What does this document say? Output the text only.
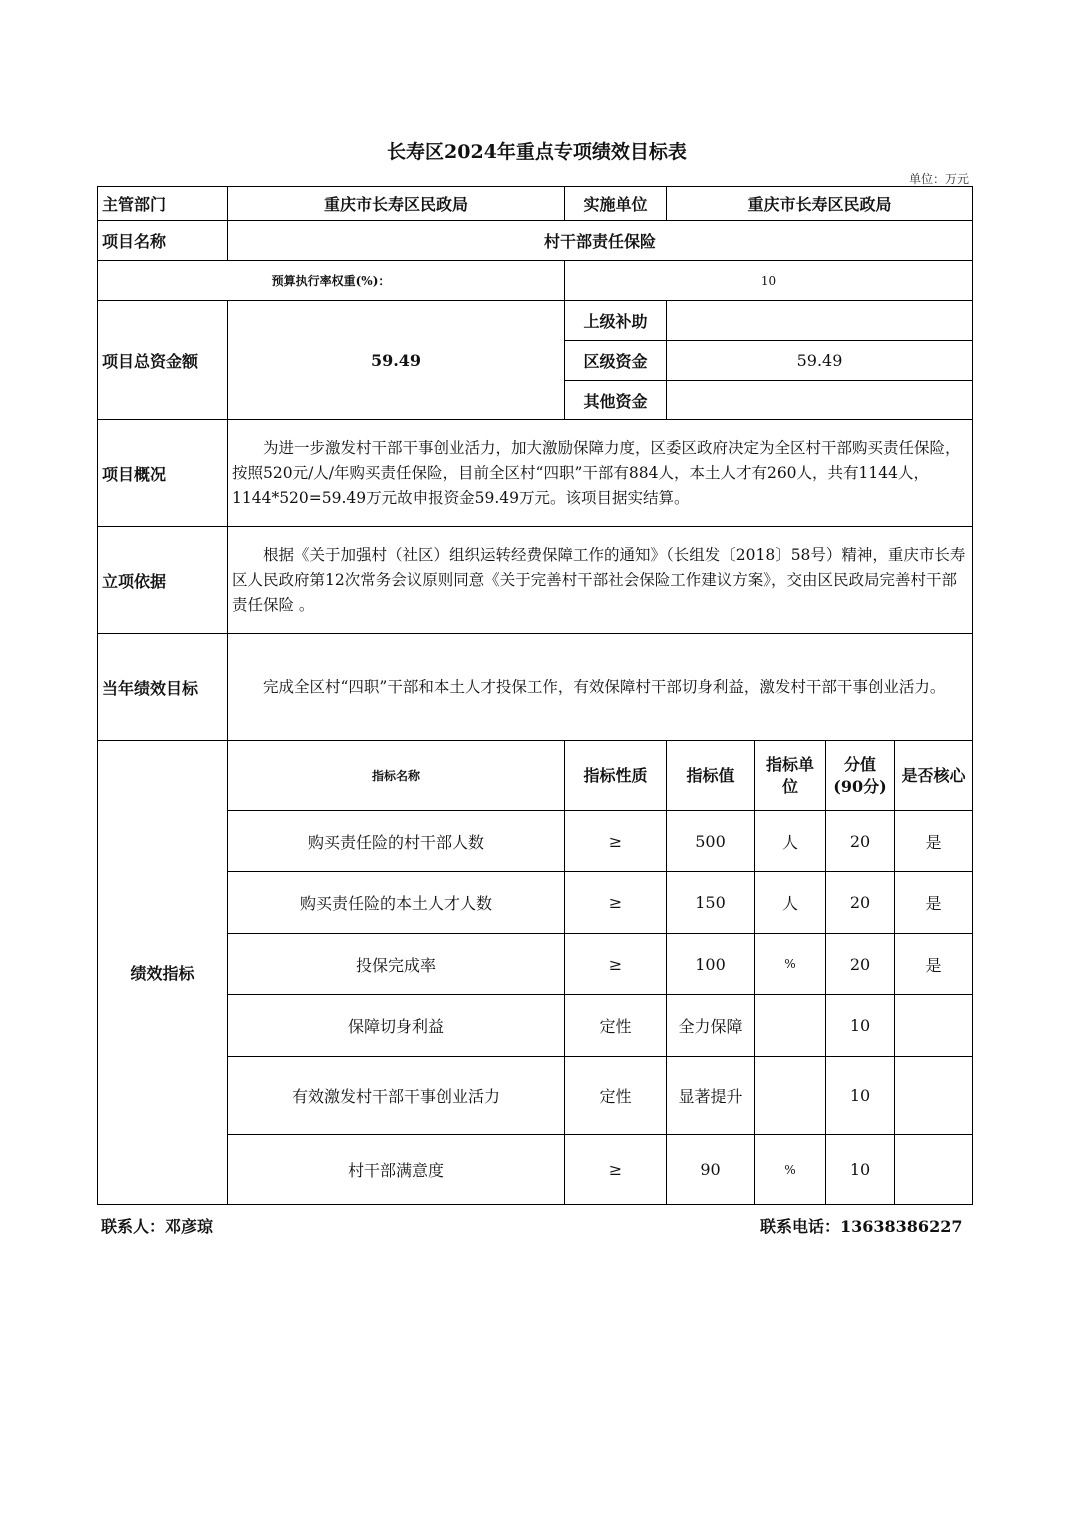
长寿区2024年重点专项绩效目标表
单位：万元
主管部门	重庆市长寿区民政局	实施单位	重庆市长寿区民政局			
项目名称	村干部责任保险					
预算执行率权重(%)：		10				
项目总资金额	59.49	上级补助				
		区级资金	59.49			
		其他资金				
项目概况	为进一步激发村干部干事创业活力，加大激励保障力度，区委区政府决定为全区村干部购买责任保险，按照520元/人/年购买责任保险，目前全区村“四职”干部有884人，本土人才有260人，共有1144人，1144*520=59.49万元故申报资金59.49万元。该项目据实结算。					
立项依据	根据《关于加强村（社区）组织运转经费保障工作的通知》（长组发〔2018〕58号）精神，重庆市长寿区人民政府第12次常务会议原则同意《关于完善村干部社会保险工作建议方案》，交由区民政局完善村干部责任保险 。					
当年绩效目标	完成全区村“四职”干部和本土人才投保工作，有效保障村干部切身利益，激发村干部干事创业活力。					
绩效指标	指标名称	指标性质	指标值	指标单位	分值(90分)	是否核心
	购买责任险的村干部人数	≥	500	人	20	是
	购买责任险的本土人才人数	≥	150	人	20	是
	投保完成率	≥	100	%	20	是
	保障切身利益	定性	全力保障		10	
	有效激发村干部干事创业活力	定性	显著提升		10	
	村干部满意度	≥	90	%	10	
联系人：邓彦琼	联系电话：13638386227
